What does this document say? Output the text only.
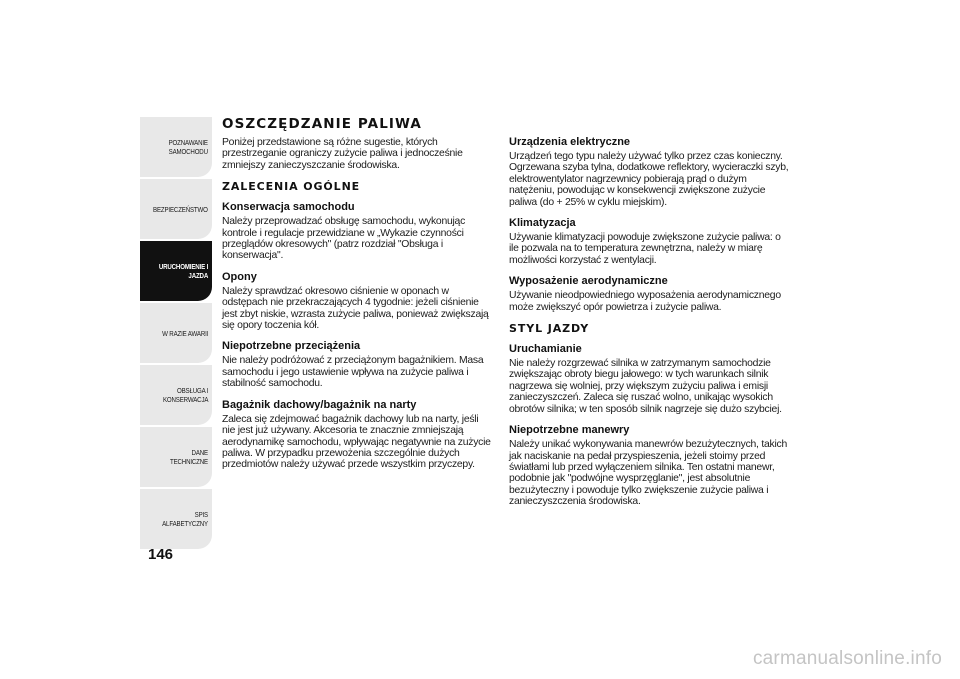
POZNAWANIE
SAMOCHODU
BEZPIECZEŃSTWO
URUCHOMIENIE I
JAZDA
W RAZIE AWARII
OBSŁUGA I
KONSERWACJA
DANE TECHNICZNE
SPIS ALFABETYCZNY
146
OSZCZĘDZANIE PALIWA

Poniżej przedstawione są różne sugestie, których przestrzeganie ograniczy zużycie paliwa i jednocześnie zmniejszy zanieczyszczanie środowiska.

ZALECENIA OGÓLNE
Konserwacja samochodu

Należy przeprowadzać obsługę samochodu, wykonując kontrole i regulacje przewidziane w „Wykazie czynności przeglądów okresowych" (patrz rozdział "Obsługa i konserwacja".

Opony

Należy sprawdzać okresowo ciśnienie w oponach w odstępach nie przekraczających 4 tygodnie: jeżeli ciśnienie jest zbyt niskie, wzrasta zużycie paliwa, ponieważ zwiększają się opory toczenia kół.

Niepotrzebne przeciążenia

Nie należy podróżować z przeciążonym bagażnikiem. Masa samochodu i jego ustawienie wpływa na zużycie paliwa i stabilność samochodu.

Bagażnik dachowy/bagażnik na narty

Zaleca się zdejmować bagażnik dachowy lub na narty, jeśli nie jest już używany. Akcesoria te znacznie zmniejszają aerodynamikę samochodu, wpływając negatywnie na zużycie paliwa. W przypadku przewożenia szczególnie dużych przedmiotów należy używać przede wszystkim przyczepy.

Urządzenia elektryczne

Urządzeń tego typu należy używać tylko przez czas konieczny. Ogrzewana szyba tylna, dodatkowe reflektory, wycieraczki szyb, elektrowentylator nagrzewnicy pobierają prąd o dużym natężeniu, powodując w konsekwencji zwiększone zużycie paliwa (do + 25% w cyklu miejskim).

Klimatyzacja

Używanie klimatyzacji powoduje zwiększone zużycie paliwa: o ile pozwala na to temperatura zewnętrzna, należy w miarę możliwości korzystać z wentylacji.

Wyposażenie aerodynamiczne

Używanie nieodpowiedniego wyposażenia aerodynamicznego może zwiększyć opór powietrza i zużycie paliwa.

STYL JAZDY
Uruchamianie

Nie należy rozgrzewać silnika w zatrzymanym samochodzie zwiększając obroty biegu jałowego: w tych warunkach silnik nagrzewa się wolniej, przy większym zużyciu paliwa i emisji zanieczyszczeń. Zaleca się ruszać wolno, unikając wysokich obrotów silnika; w ten sposób silnik nagrzeje się dużo szybciej.

Niepotrzebne manewry

Należy unikać wykonywania manewrów bezużytecznych, takich jak naciskanie na pedał przyspieszenia, jeżeli stoimy przed światłami lub przed wyłączeniem silnika. Ten ostatni manewr, podobnie jak "podwójne wysprzęglanie", jest absolutnie bezużyteczny i powoduje tylko zwiększenie zużycie paliwa i zanieczyszczenia środowiska.

carmanualsonline.info
